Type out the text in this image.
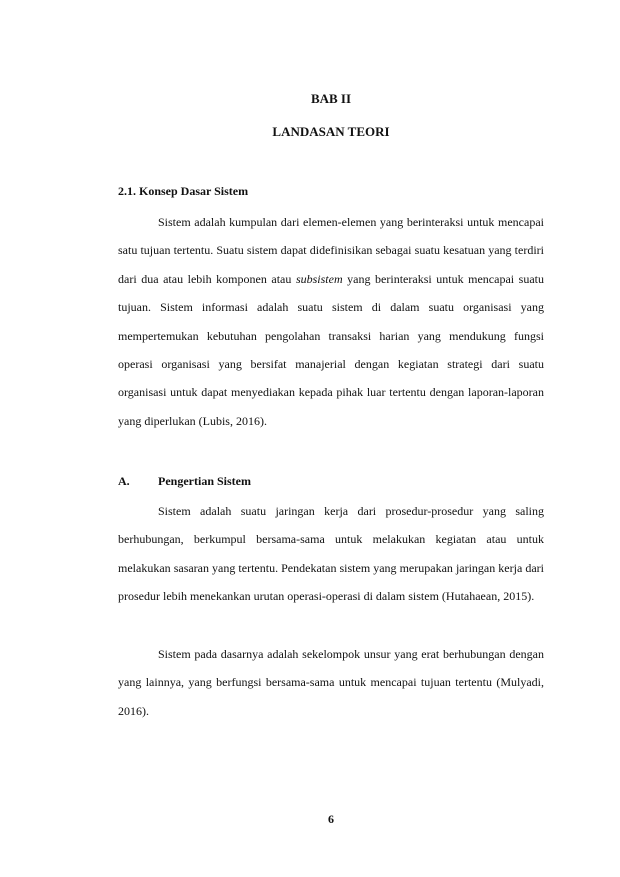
BAB II
LANDASAN TEORI
2.1. Konsep Dasar Sistem

Sistem adalah kumpulan dari elemen-elemen yang berinteraksi untuk mencapai satu tujuan tertentu. Suatu sistem dapat didefinisikan sebagai suatu kesatuan yang terdiri dari dua atau lebih komponen atau subsistem yang berinteraksi untuk mencapai suatu tujuan. Sistem informasi adalah suatu sistem di dalam suatu organisasi yang mempertemukan kebutuhan pengolahan transaksi harian yang mendukung fungsi operasi organisasi yang bersifat manajerial dengan kegiatan strategi dari suatu organisasi untuk dapat menyediakan kepada pihak luar tertentu dengan laporan-laporan yang diperlukan (Lubis, 2016).

A. Pengertian Sistem

Sistem adalah suatu jaringan kerja dari prosedur-prosedur yang saling berhubungan, berkumpul bersama-sama untuk melakukan kegiatan atau untuk melakukan sasaran yang tertentu. Pendekatan sistem yang merupakan jaringan kerja dari prosedur lebih menekankan urutan operasi-operasi di dalam sistem (Hutahaean, 2015).

Sistem pada dasarnya adalah sekelompok unsur yang erat berhubungan dengan yang lainnya, yang berfungsi bersama-sama untuk mencapai tujuan tertentu (Mulyadi, 2016).

6
